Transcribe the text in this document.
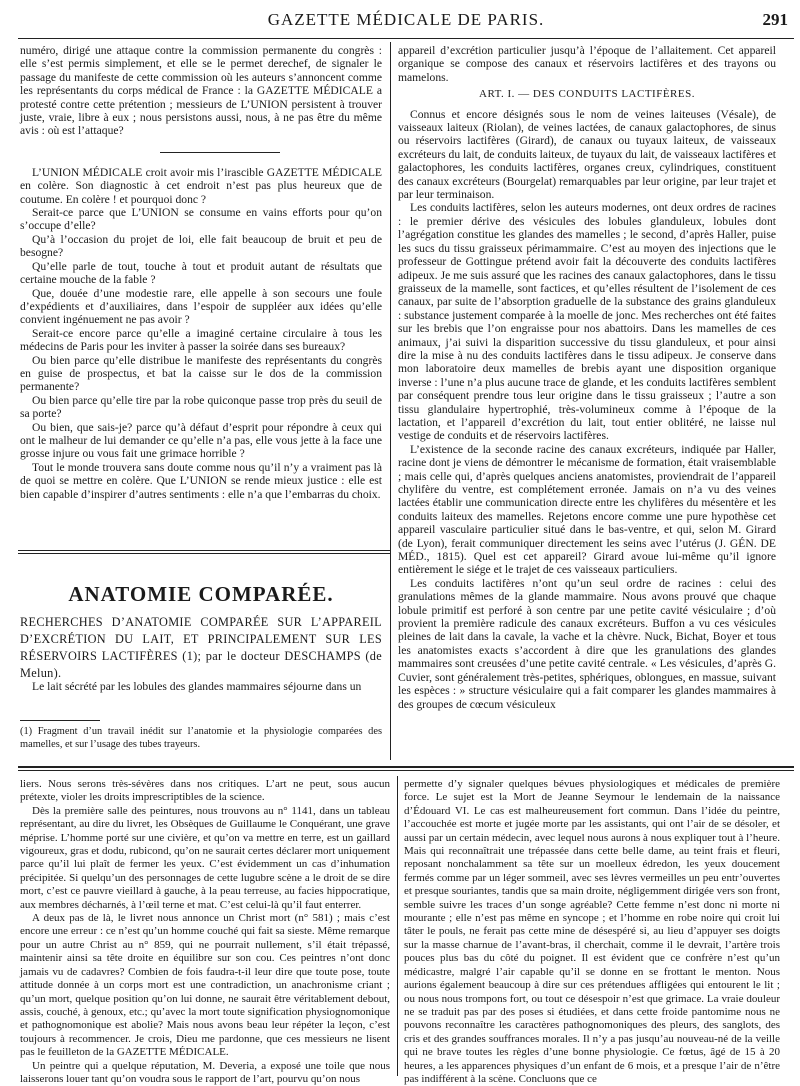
GAZETTE MÉDICALE DE PARIS.	291

numéro, dirigé une attaque contre la commission permanente du congrès : elle s’est permis simplement, et elle se le permet derechef, de signaler le passage du manifeste de cette commission où les auteurs s’annoncent comme les représentants du corps médical de France : la GAZETTE MÉDICALE a protesté contre cette prétention ; messieurs de L’UNION persistent à trouver juste, vraie, libre à eux ; nous persistons aussi, nous, à ne pas être du même avis : où est l’attaque?

L’UNION MÉDICALE croit avoir mis l’irascible GAZETTE MÉDICALE en colère. Son diagnostic à cet endroit n’est pas plus heureux que de coutume. En colère ! et pourquoi donc ?

Serait-ce parce que L’UNION se consume en vains efforts pour qu’on s’occupe d’elle?

Qu’à l’occasion du projet de loi, elle fait beaucoup de bruit et peu de besogne?

Qu’elle parle de tout, touche à tout et produit autant de résultats que certaine mouche de la fable ?

Que, douée d’une modestie rare, elle appelle à son secours une foule d’expédients et d’auxiliaires, dans l’espoir de suppléer aux idées qu’elle convient ingénuement ne pas avoir ?

Serait-ce encore parce qu’elle a imaginé certaine circulaire à tous les médecins de Paris pour les inviter à passer la soirée dans ses bureaux?

Ou bien parce qu’elle distribue le manifeste des représentants du congrès en guise de prospectus, et bat la caisse sur le dos de la commission permanente?

Ou bien parce qu’elle tire par la robe quiconque passe trop près du seuil de sa porte?

Ou bien, que sais-je? parce qu’à défaut d’esprit pour répondre à ceux qui ont le malheur de lui demander ce qu’elle n’a pas, elle vous jette à la face une grosse injure ou vous fait une grimace horrible ?

Tout le monde trouvera sans doute comme nous qu’il n’y a vraiment pas là de quoi se mettre en colère. Que L’UNION se rende mieux justice : elle est bien capable d’inspirer d’autres sentiments : elle n’a que l’embarras du choix.

ANATOMIE COMPARÉE.
RECHERCHES D’ANATOMIE COMPARÉE SUR L’APPAREIL D’EXCRÉTION DU LAIT, ET PRINCIPALEMENT SUR LES RÉSERVOIRS LACTIFÈRES (1); par le docteur DESCHAMPS (de Melun).
Le lait sécrété par les lobules des glandes mammaires séjourne dans un
(1) Fragment d’un travail inédit sur l’anatomie et la physiologie comparées des mamelles, et sur l’usage des tubes trayeurs.

appareil d’excrétion particulier jusqu’à l’époque de l’allaitement. Cet appareil organique se compose des canaux et réservoirs lactifères et des trayons ou mamelons.

ART. I. — DES CONDUITS LACTIFÈRES.

Connus et encore désignés sous le nom de veines laiteuses (Vésale), de vaisseaux laiteux (Riolan), de veines lactées, de canaux galactophores, de sinus ou réservoirs lactifères (Girard), de canaux ou tuyaux laiteux, de vaisseaux excréteurs du lait, de conduits laiteux, de tuyaux du lait, de vaisseaux lactifères et galactophores, les conduits lactifères, organes creux, cylindriques, constituent des canaux excréteurs (Bourgelat) remarquables par leur origine, par leur trajet et par leur terminaison.

Les conduits lactifères, selon les auteurs modernes, ont deux ordres de racines : le premier dérive des vésicules des lobules glanduleux, lobules dont l’agrégation constitue les glandes des mamelles ; le second, d’après Haller, puise les sucs du tissu graisseux périmammaire. C’est au moyen des injections que le professeur de Gottingue prétend avoir fait la découverte des conduits lactifères adipeux. Je me suis assuré que les racines des canaux galactophores, dans le tissu graisseux de la mamelle, sont factices, et qu’elles résultent de l’isolement de ces canaux, par suite de l’absorption graduelle de la substance des grains glanduleux : substance justement comparée à la moelle de jonc. Mes recherches ont été faites sur les brebis que l’on engraisse pour nos abattoirs. Dans les mamelles de ces animaux, j’ai suivi la disparition successive du tissu glanduleux, et pour ainsi dire la mise à nu des conduits lactifères dans le tissu adipeux. Je conserve dans mon laboratoire deux mamelles de brebis ayant une disposition organique inverse : l’une n’a plus aucune trace de glande, et les conduits lactifères semblent par conséquent prendre tous leur origine dans le tissu graisseux ; l’autre a son tissu glandulaire hypertrophié, très-volumineux comme à l’époque de la lactation, et l’appareil d’excrétion du lait, tout entier oblitéré, ne laisse nul vestige de conduits et de réservoirs lactifères.

L’existence de la seconde racine des canaux excréteurs, indiquée par Haller, racine dont je viens de démontrer le mécanisme de formation, était vraisemblable ; mais celle qui, d’après quelques anciens anatomistes, proviendrait de l’appareil chylifère du ventre, est complétement erronée. Jamais on n’a vu des veines lactées établir une communication directe entre les chylifères du mésentère et les conduits laiteux des mamelles. Rejetons encore comme une pure hypothèse cet appareil vasculaire particulier situé dans le bas-ventre, et qui, selon M. Girard (de Lyon), ferait communiquer directement les seins avec l’utérus (J. GÉN. DE MÉD., 1815). Quel est cet appareil? Girard avoue lui-même qu’il ignore entièrement le siége et le trajet de ces vaisseaux particuliers.

Les conduits lactifères n’ont qu’un seul ordre de racines : celui des granulations mêmes de la glande mammaire. Nous avons prouvé que chaque lobule primitif est perforé à son centre par une petite cavité vésiculaire ; d’où provient la première radicule des canaux excréteurs. Buffon a vu ces vésicules pleines de lait dans la cavale, la vache et la chèvre. Nuck, Bichat, Boyer et tous les anatomistes exacts s’accordent à dire que les granulations des glandes mammaires sont creusées d’une petite cavité centrale. « Les vésicules, d’après G. Cuvier, sont généralement très-petites, sphériques, oblongues, en massue, suivant les espèces : » structure vésiculaire qui a fait comparer les glandes mammaires à des groupes de cœcum vésiculeux

liers. Nous serons très-sévères dans nos critiques. L’art ne peut, sous aucun prétexte, violer les droits imprescriptibles de la science.

Dès la première salle des peintures, nous trouvons au n° 1141, dans un tableau représentant, au dire du livret, les Obsèques de Guillaume le Conquérant, une grave méprise. L’homme porté sur une civière, et qu’on va mettre en terre, est un gaillard vigoureux, gras et dodu, rubicond, qu’on ne saurait certes déclarer mort uniquement parce qu’il lui plaît de fermer les yeux. C’est évidemment un cas d’inhumation précipitée. Si quelqu’un des personnages de cette lugubre scène a le droit de se dire mort, c’est ce pauvre vieillard à gauche, à la peau terreuse, au facies hippocratique, aux membres décharnés, à l’œil terne et mat. C’est celui-là qu’il faut enterrer.

A deux pas de là, le livret nous annonce un Christ mort (n° 581) ; mais c’est encore une erreur : ce n’est qu’un homme couché qui fait sa sieste. Même remarque pour un autre Christ au n° 859, qui ne pourrait nullement, s’il était trépassé, maintenir ainsi sa tête droite en équilibre sur son cou. Ces peintres n’ont donc jamais vu de cadavres? Combien de fois faudra-t-il leur dire que toute pose, toute attitude donnée à un corps mort est une contradiction, un anachronisme criant ; qu’un mort, quelque position qu’on lui donne, ne saurait être véritablement debout, assis, couché, à genoux, etc.; qu’avec la mort toute signification physiognomonique et pathognomonique est abolie? Mais nous avons beau leur répéter la leçon, c’est toujours à recommencer. Je crois, Dieu me pardonne, que ces messieurs ne lisent pas le feuilleton de la GAZETTE MÉDICALE.

Un peintre qui a quelque réputation, M. Deveria, a exposé une toile que nous laisserons louer tant qu’on voudra sous le rapport de l’art, pourvu qu’on nous

permette d’y signaler quelques bévues physiologiques et médicales de première force. Le sujet est la Mort de Jeanne Seymour le lendemain de la naissance d’Édouard VI. Le cas est malheureusement fort commun. Dans l’idée du peintre, l’accouchée est morte et jugée morte par les assistants, qui ont l’air de se désoler, et aussi par un certain médecin, avec lequel nous aurons à nous expliquer tout à l’heure. Mais qui reconnaîtrait une trépassée dans cette belle dame, au teint frais et fleuri, reposant nonchalamment sa tête sur un moelleux édredon, les yeux doucement fermés comme par un léger sommeil, avec ses lèvres vermeilles un peu entr’ouvertes et presque souriantes, tandis que sa main droite, négligemment dirigée vers son front, semble suivre les traces d’un songe agréable? Cette femme n’est donc ni morte ni mourante ; elle n’est pas même en syncope ; et l’homme en robe noire qui croit lui tâter le pouls, ne ferait pas cette mine de désespéré si, au lieu d’appuyer ses doigts sur la masse charnue de l’avant-bras, il cherchait, comme il le devrait, l’artère trois pouces plus bas du côté du poignet. Il est évident que ce confrère n’est qu’un médicastre, malgré l’air capable qu’il se donne en se frottant le menton. Nous aurions également beaucoup à dire sur ces prétendues affligées qui entourent le lit ; ou nous nous trompons fort, ou tout ce désespoir n’est que grimace. La vraie douleur ne se traduit pas par des poses si étudiées, et dans cette froide pantomime nous ne pouvons reconnaître les caractères pathognomoniques des pleurs, des sanglots, des cris et des grandes souffrances morales. Il n’y a pas jusqu’au nouveau-né de la veille qui ne brave toutes les règles d’une bonne physiologie. Ce fœtus, âgé de 15 à 20 heures, a les apparences physiques d’un enfant de 6 mois, et a presque l’air de n’être pas indifférent à la scène. Concluons que ce
